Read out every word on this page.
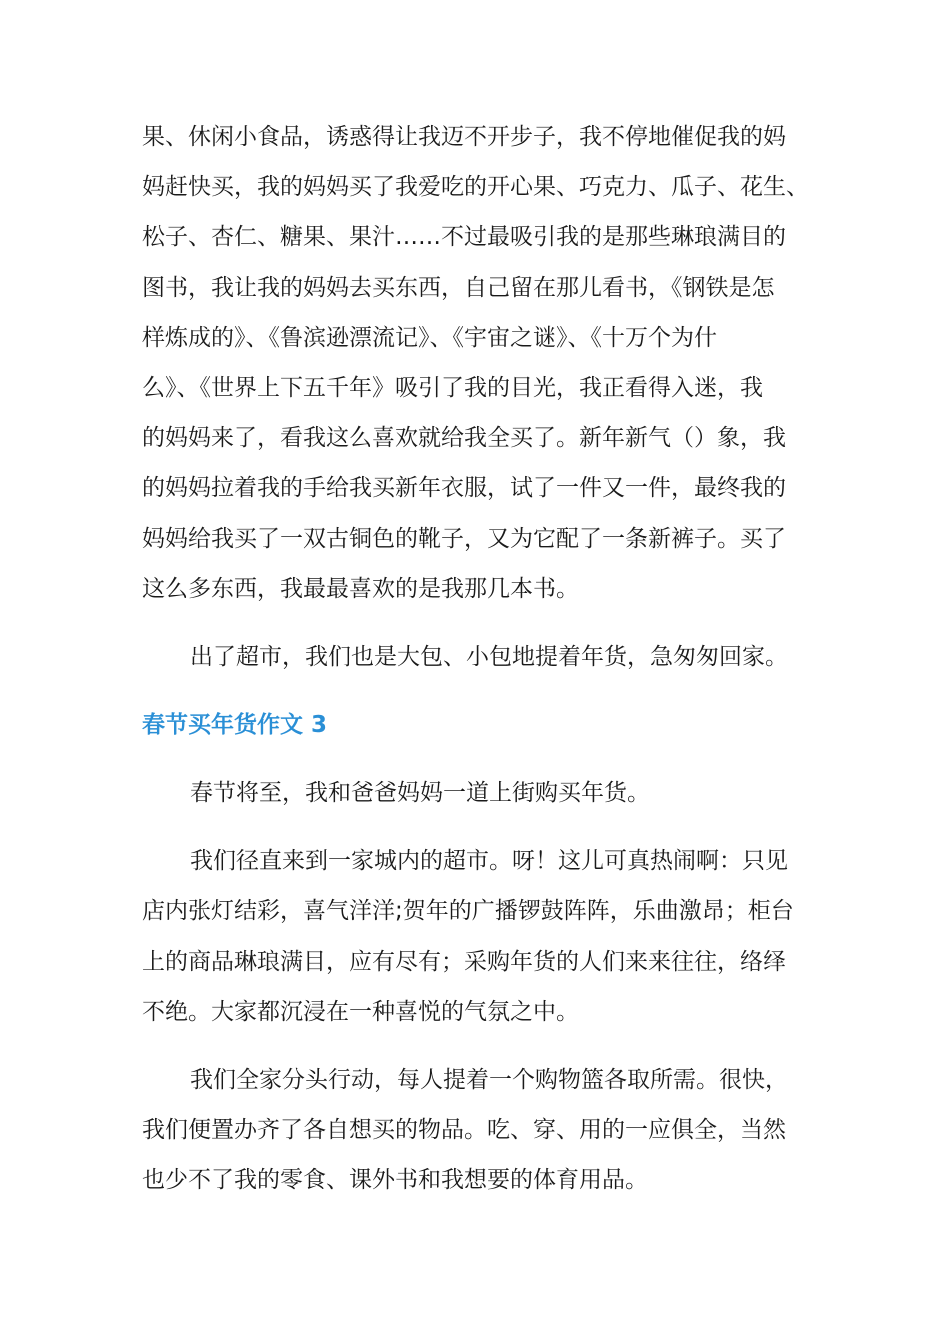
果、休闲小食品，诱惑得让我迈不开步子，我不停地催促我的妈
妈赶快买，我的妈妈买了我爱吃的开心果、巧克力、瓜子、花生、
松子、杏仁、糖果、果汁……不过最吸引我的是那些琳琅满目的
图书，我让我的妈妈去买东西，自己留在那儿看书，《钢铁是怎
样炼成的》、《鲁滨逊漂流记》、《宇宙之谜》、《十万个为什
么》、《世界上下五千年》吸引了我的目光，我正看得入迷，我
的妈妈来了，看我这么喜欢就给我全买了。新年新气（）象，我
的妈妈拉着我的手给我买新年衣服，试了一件又一件，最终我的
妈妈给我买了一双古铜色的靴子，又为它配了一条新裤子。买了
这么多东西，我最最喜欢的是我那几本书。
出了超市，我们也是大包、小包地提着年货，急匆匆回家。
春节买年货作文 3
春节将至，我和爸爸妈妈一道上街购买年货。
我们径直来到一家城内的超市。呀！这儿可真热闹啊：只见
店内张灯结彩，喜气洋洋;贺年的广播锣鼓阵阵，乐曲激昂；柜台
上的商品琳琅满目，应有尽有；采购年货的人们来来往往，络绎
不绝。大家都沉浸在一种喜悦的气氛之中。
我们全家分头行动，每人提着一个购物篮各取所需。很快，
我们便置办齐了各自想买的物品。吃、穿、用的一应俱全，当然
也少不了我的零食、课外书和我想要的体育用品。
